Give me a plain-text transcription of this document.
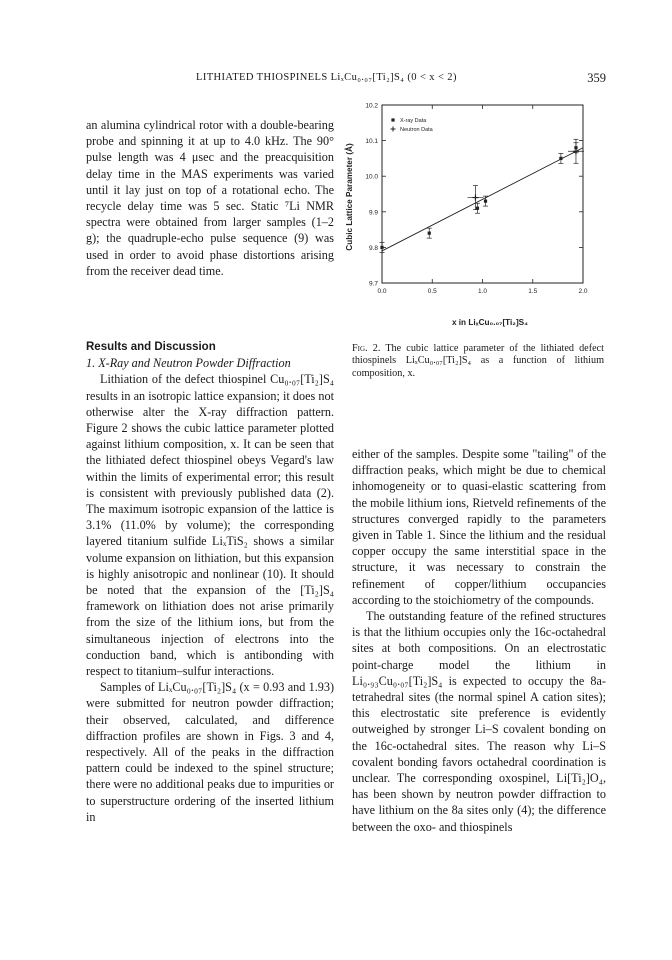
LITHIATED THIOSPINELS LiₓCu₀.₀₇[Ti₂]S₄ (0 < x < 2)	359

an alumina cylindrical rotor with a double-bearing probe and spinning it at up to 4.0 kHz. The 90° pulse length was 4 μsec and the preacquisition delay time in the MAS experiments was varied until it lay just on top of a rotational echo. The recycle delay time was 5 sec. Static ⁷Li NMR spectra were obtained from larger samples (1–2 g); the quadruple-echo pulse sequence (9) was used in order to avoid phase distortions arising from the receiver dead time.

Results and Discussion

1. X-Ray and Neutron Powder Diffraction

Lithiation of the defect thiospinel Cu₀.₀₇[Ti₂]S₄ results in an isotropic lattice expansion; it does not otherwise alter the X-ray diffraction pattern. Figure 2 shows the cubic lattice parameter plotted against lithium composition, x. It can be seen that the lithiated defect thiospinel obeys Vegard's law within the limits of experimental error; this result is consistent with previously published data (2). The maximum isotropic expansion of the lattice is 3.1% (11.0% by volume); the corresponding layered titanium sulfide LiₓTiS₂ shows a similar volume expansion on lithiation, but this expansion is highly anisotropic and nonlinear (10). It should be noted that the expansion of the [Ti₂]S₄ framework on lithiation does not arise primarily from the size of the lithium ions, but from the simultaneous injection of electrons into the conduction band, which is antibonding with respect to titanium–sulfur interactions.

Samples of LiₓCu₀.₀₇[Ti₂]S₄ (x = 0.93 and 1.93) were submitted for neutron powder diffraction; their observed, calculated, and difference diffraction profiles are shown in Figs. 3 and 4, respectively. All of the peaks in the diffraction pattern could be indexed to the spinel structure; there were no additional peaks due to impurities or to superstructure ordering of the inserted lithium in

0.0	0.5	1.0	1.5	2.0
9.7
9.8
9.9
10.0
10.1
10.2
X-ray Data
Neutron Data
Cubic Lattice Parameter (Å)
x in LiₓCu₀.₀₇[Ti₂]S₄
Fig. 2. The cubic lattice parameter of the lithiated defect thiospinels LiₓCu₀.₀₇[Ti₂]S₄ as a function of lithium composition, x.

either of the samples. Despite some "tailing" of the diffraction peaks, which might be due to chemical inhomogeneity or to quasi-elastic scattering from the mobile lithium ions, Rietveld refinements of the structures converged rapidly to the parameters given in Table 1. Since the lithium and the residual copper occupy the same interstitial space in the structure, it was necessary to constrain the refinement of copper/lithium occupancies according to the stoichiometry of the compounds.

The outstanding feature of the refined structures is that the lithium occupies only the 16c-octahedral sites at both compositions. On an electrostatic point-charge model the lithium in Li₀.₉₃Cu₀.₀₇[Ti₂]S₄ is expected to occupy the 8a-tetrahedral sites (the normal spinel A cation sites); this electrostatic site preference is evidently outweighed by stronger Li–S covalent bonding on the 16c-octahedral sites. The reason why Li–S covalent bonding favors octahedral coordination is unclear. The corresponding oxospinel, Li[Ti₂]O₄, has been shown by neutron powder diffraction to have lithium on the 8a sites only (4); the difference between the oxo- and thiospinels
